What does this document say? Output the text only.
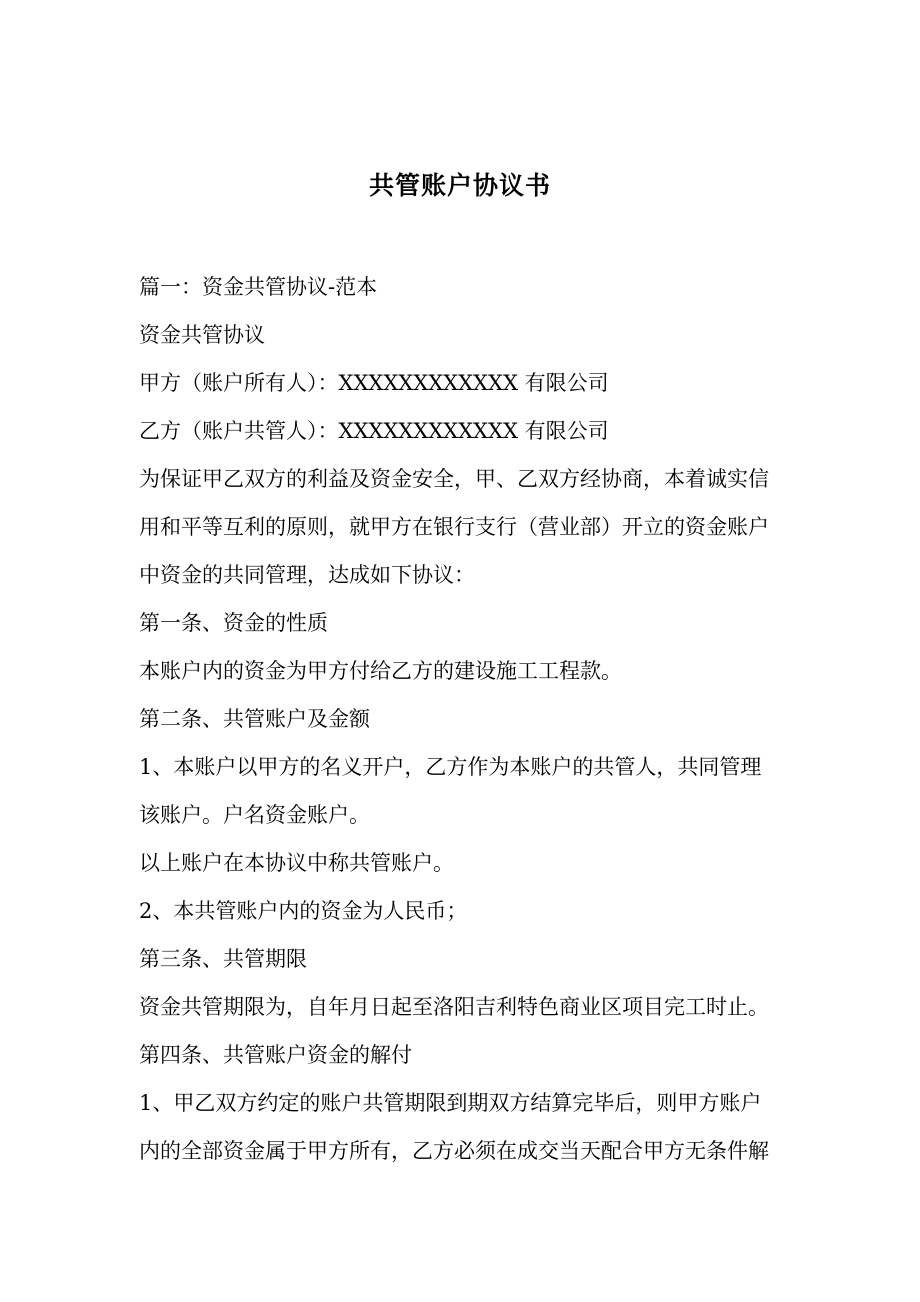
共管账户协议书
篇一：资金共管协议-范本
资金共管协议
甲方（账户所有人）：XXXXXXXXXXXX 有限公司
乙方（账户共管人）：XXXXXXXXXXXX 有限公司
为保证甲乙双方的利益及资金安全，甲、乙双方经协商，本着诚实信
用和平等互利的原则，就甲方在银行支行（营业部）开立的资金账户
中资金的共同管理，达成如下协议：
第一条、资金的性质
本账户内的资金为甲方付给乙方的建设施工工程款。
第二条、共管账户及金额
1、本账户以甲方的名义开户，乙方作为本账户的共管人，共同管理
该账户。户名资金账户。
以上账户在本协议中称共管账户。
2、本共管账户内的资金为人民币；
第三条、共管期限
资金共管期限为，自年月日起至洛阳吉利特色商业区项目完工时止。
第四条、共管账户资金的解付
1、甲乙双方约定的账户共管期限到期双方结算完毕后，则甲方账户
内的全部资金属于甲方所有，乙方必须在成交当天配合甲方无条件解
